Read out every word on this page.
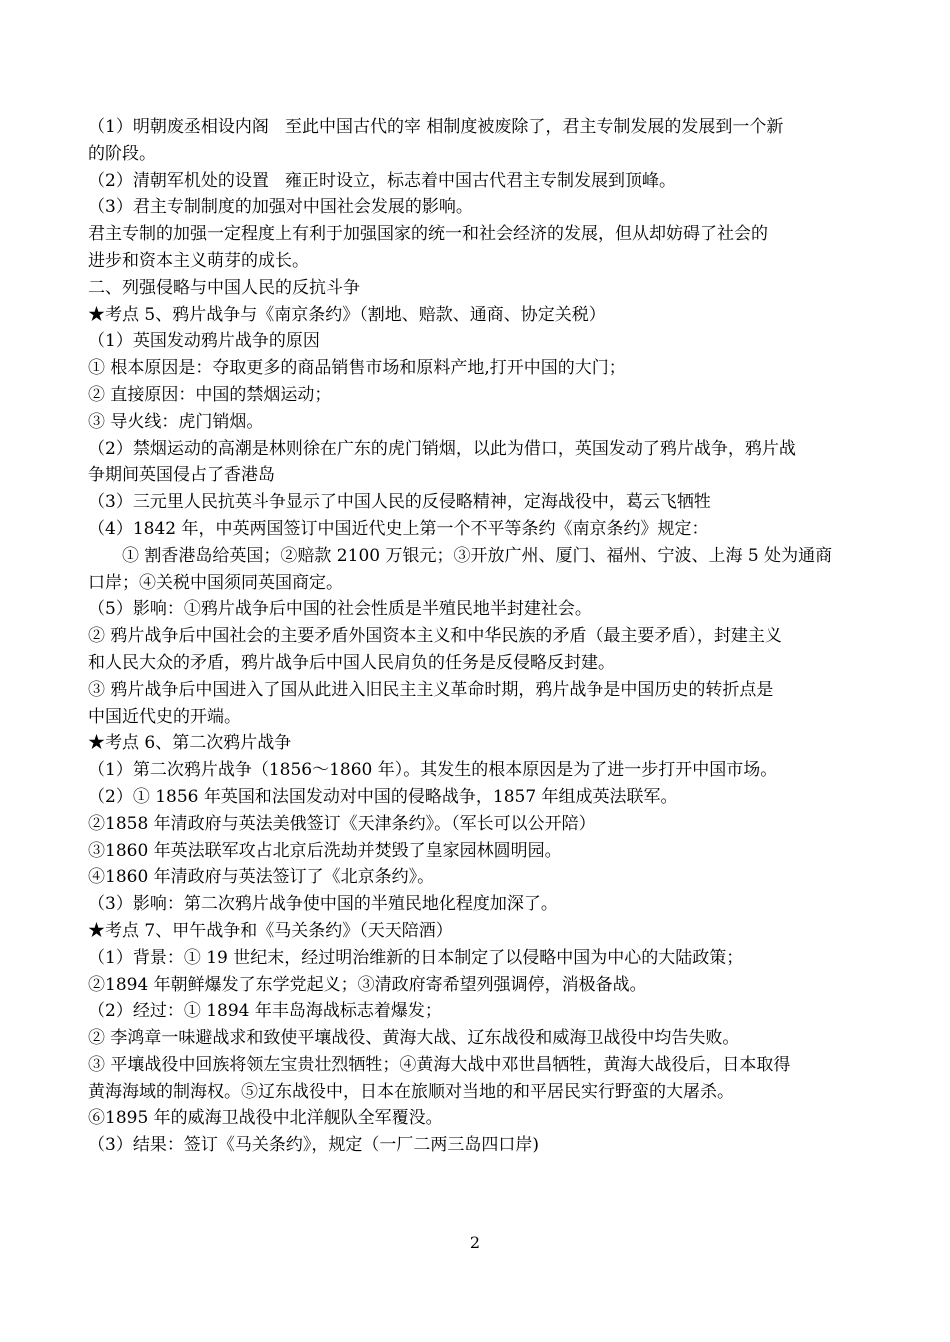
（1）明朝废丞相设内阁   至此中国古代的宰 相制度被废除了，君主专制发展的发展到一个新

的阶段。

（2）清朝军机处的设置   雍正时设立，标志着中国古代君主专制发展到顶峰。

（3）君主专制制度的加强对中国社会发展的影响。

君主专制的加强一定程度上有利于加强国家的统一和社会经济的发展，但从却妨碍了社会的

进步和资本主义萌芽的成长。

二、列强侵略与中国人民的反抗斗争

★考点 5、鸦片战争与《南京条约》（割地、赔款、通商、协定关税）

（1）英国发动鸦片战争的原因

① 根本原因是：夺取更多的商品销售市场和原料产地,打开中国的大门；

② 直接原因：中国的禁烟运动；

③ 导火线：虎门销烟。

（2）禁烟运动的高潮是林则徐在广东的虎门销烟，以此为借口，英国发动了鸦片战争，鸦片战

争期间英国侵占了香港岛

（3）三元里人民抗英斗争显示了中国人民的反侵略精神，定海战役中，葛云飞牺牲

（4）1842 年，中英两国签订中国近代史上第一个不平等条约《南京条约》规定：

① 割香港岛给英国；②赔款 2100 万银元；③开放广州、厦门、福州、宁波、上海 5 处为通商

口岸；④关税中国须同英国商定。

（5）影响：①鸦片战争后中国的社会性质是半殖民地半封建社会。

② 鸦片战争后中国社会的主要矛盾外国资本主义和中华民族的矛盾（最主要矛盾），封建主义

和人民大众的矛盾，鸦片战争后中国人民肩负的任务是反侵略反封建。

③ 鸦片战争后中国进入了国从此进入旧民主主义革命时期，鸦片战争是中国历史的转折点是

中国近代史的开端。

★考点 6、第二次鸦片战争

（1）第二次鸦片战争（1856～1860 年）。其发生的根本原因是为了进一步打开中国市场。

（2）① 1856 年英国和法国发动对中国的侵略战争，1857 年组成英法联军。

②1858 年清政府与英法美俄签订《天津条约》。（军长可以公开陪）

③1860 年英法联军攻占北京后洗劫并焚毁了皇家园林圆明园。

④1860 年清政府与英法签订了《北京条约》。

（3）影响：第二次鸦片战争使中国的半殖民地化程度加深了。

★考点 7、甲午战争和《马关条约》（天天陪酒）

（1）背景：① 19 世纪末，经过明治维新的日本制定了以侵略中国为中心的大陆政策；

②1894 年朝鲜爆发了东学党起义；③清政府寄希望列强调停，消极备战。

（2）经过：① 1894 年丰岛海战标志着爆发；

② 李鸿章一味避战求和致使平壤战役、黄海大战、辽东战役和威海卫战役中均告失败。

③ 平壤战役中回族将领左宝贵壮烈牺牲；④黄海大战中邓世昌牺牲，黄海大战役后，日本取得

黄海海域的制海权。⑤辽东战役中，日本在旅顺对当地的和平居民实行野蛮的大屠杀。

⑥1895 年的威海卫战役中北洋舰队全军覆没。

（3）结果：签订《马关条约》，规定（一厂二两三岛四口岸)

2
